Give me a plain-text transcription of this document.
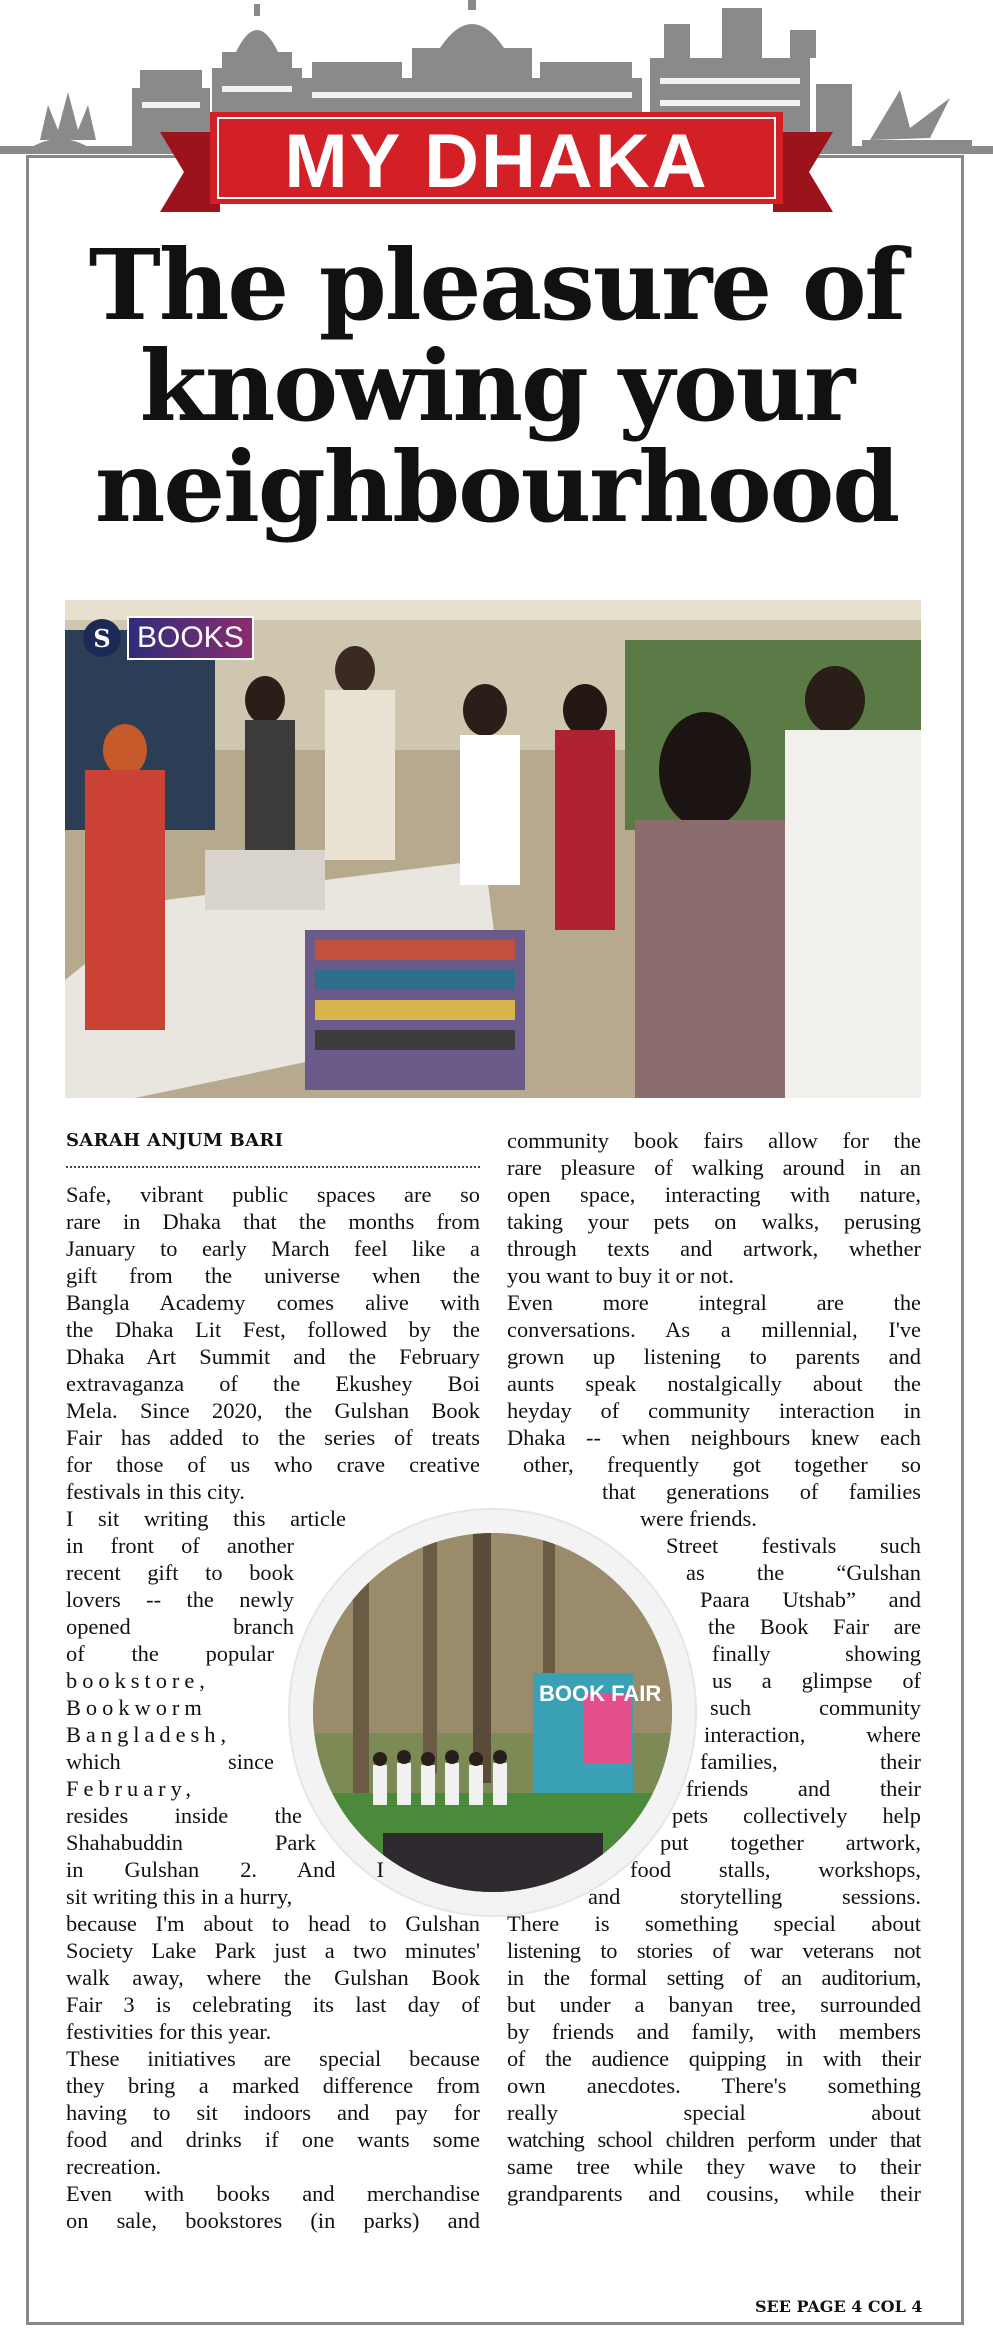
MY DHAKA
The pleasure of
knowing your
neighbourhood
S BOOKS
SARAH ANJUM BARI
BOOK FAIR
Safe, vibrant public spaces are so
rare in Dhaka that the months from
January to early March feel like a
gift from the universe when the
Bangla Academy comes alive with
the Dhaka Lit Fest, followed by the
Dhaka Art Summit and the February
extravaganza of the Ekushey Boi
Mela. Since 2020, the Gulshan Book
Fair has added to the series of treats
for those of us who crave creative
festivals in this city.
I sit writing this article
in front of another
recent gift to book
lovers -- the newly
opened branch
of the popular
bookstore,
Bookworm
Bangladesh,
which since
February,
resides inside the
Shahabuddin Park
in Gulshan 2. And I
sit writing this in a hurry,
because I'm about to head to Gulshan
Society Lake Park just a two minutes'
walk away, where the Gulshan Book
Fair 3 is celebrating its last day of
festivities for this year.
These initiatives are special because
they bring a marked difference from
having to sit indoors and pay for
food and drinks if one wants some
recreation.
Even with books and merchandise
on sale, bookstores (in parks) and
community book fairs allow for the
rare pleasure of walking around in an
open space, interacting with nature,
taking your pets on walks, perusing
through texts and artwork, whether
you want to buy it or not.
Even more integral are the
conversations. As a millennial, I've
grown up listening to parents and
aunts speak nostalgically about the
heyday of community interaction in
Dhaka -- when neighbours knew each
other, frequently got together so
that generations of families
were friends.
Street festivals such
as the “Gulshan
Paara Utshab” and
the Book Fair are
finally showing
us a glimpse of
such community
interaction, where
families, their
friends and their
pets collectively help
put together artwork,
food stalls, workshops,
and storytelling sessions.
There is something special about
listening to stories of war veterans not
in the formal setting of an auditorium,
but under a banyan tree, surrounded
by friends and family, with members
of the audience quipping in with their
own anecdotes. There's something
really special about
watching school children perform under that
same tree while they wave to their
grandparents and cousins, while their
SEE PAGE 4 COL 4
